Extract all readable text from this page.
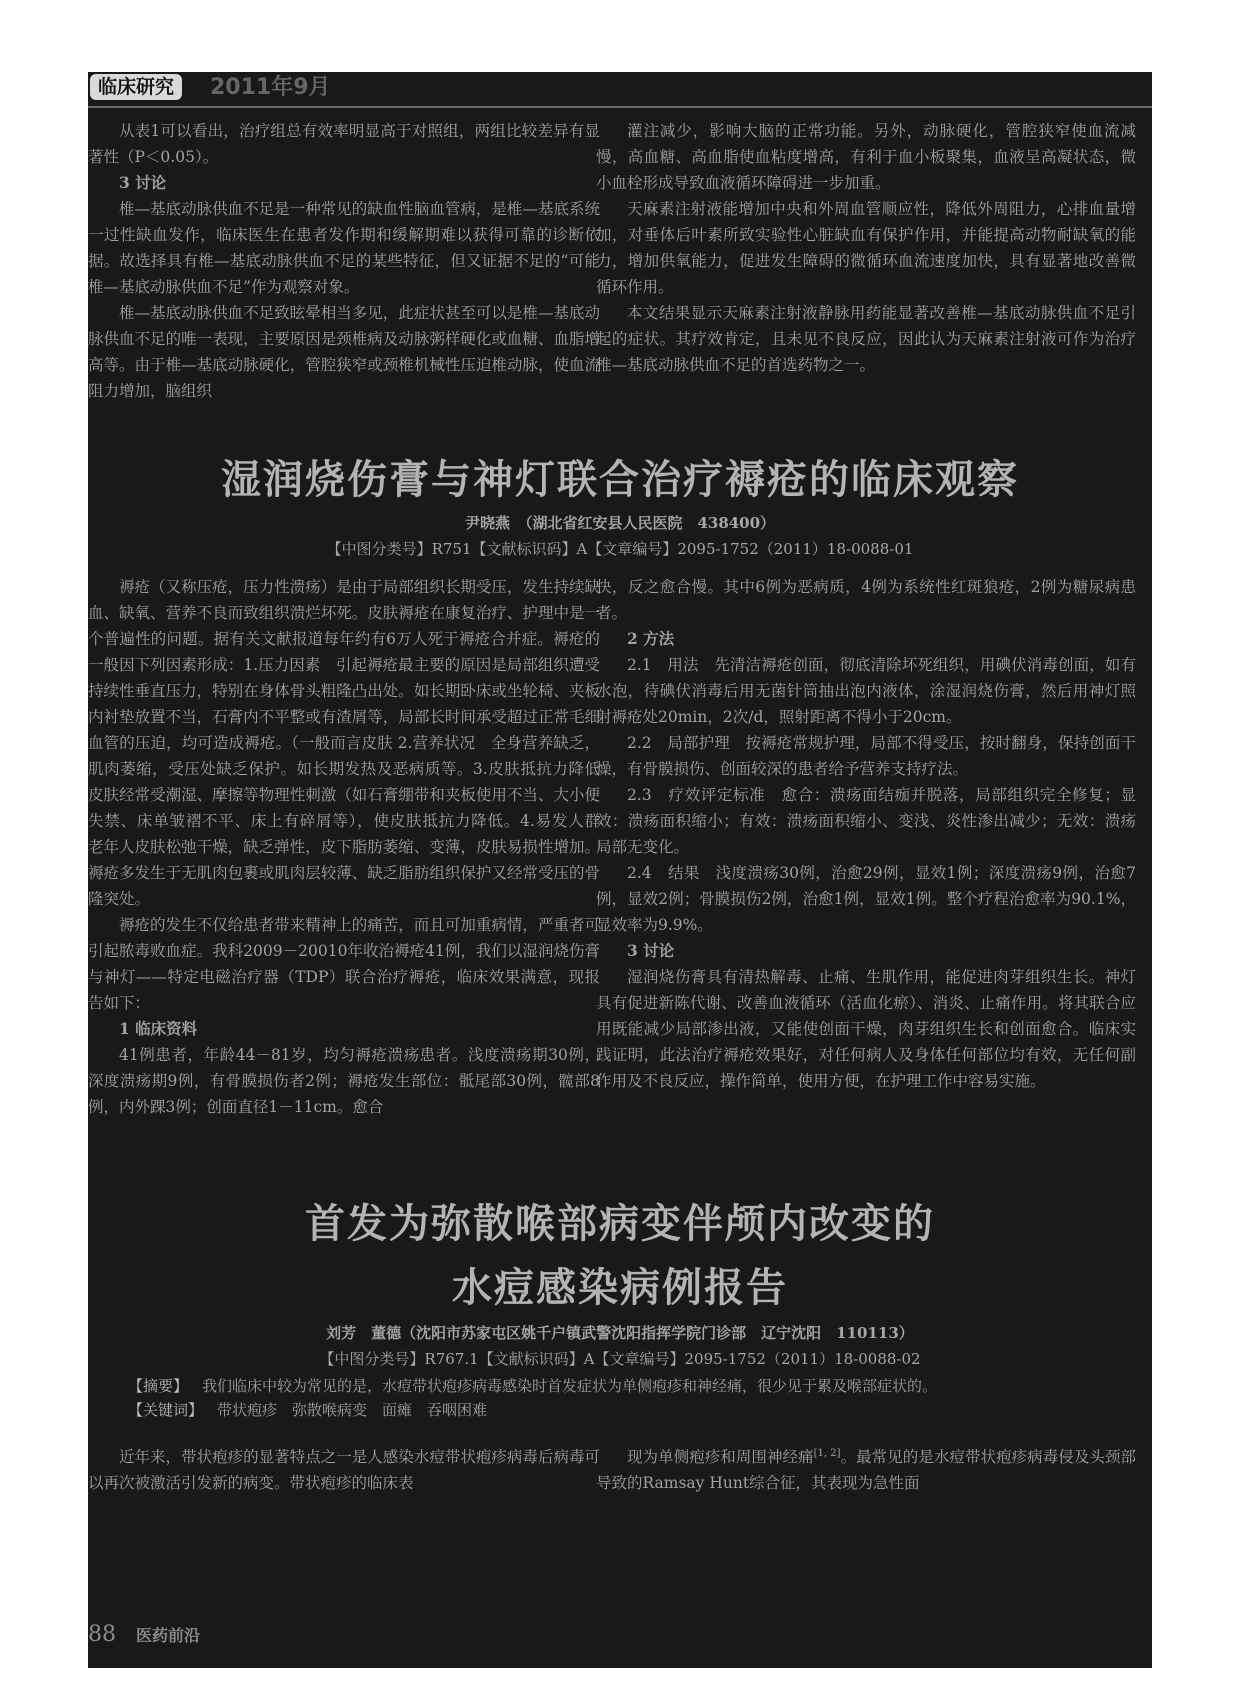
临床研究	2011年9月

从表1可以看出，治疗组总有效率明显高于对照组，两组比较差异有显著性（P＜0.05）。

3 讨论

椎—基底动脉供血不足是一种常见的缺血性脑血管病，是椎—基底系统一过性缺血发作，临床医生在患者发作期和缓解期难以获得可靠的诊断依据。故选择具有椎—基底动脉供血不足的某些特征，但又证据不足的“可能椎—基底动脉供血不足”作为观察对象。

椎—基底动脉供血不足致眩晕相当多见，此症状甚至可以是椎—基底动脉供血不足的唯一表现，主要原因是颈椎病及动脉粥样硬化或血糖、血脂增高等。由于椎—基底动脉硬化，管腔狭窄或颈椎机械性压迫椎动脉，使血流阻力增加，脑组织

灌注减少，影响大脑的正常功能。另外，动脉硬化，管腔狭窄使血流减慢，高血糖、高血脂使血粘度增高，有利于血小板聚集，血液呈高凝状态，微小血栓形成导致血液循环障碍进一步加重。

天麻素注射液能增加中央和外周血管顺应性，降低外周阻力，心排血量增加，对垂体后叶素所致实验性心脏缺血有保护作用，并能提高动物耐缺氧的能力，增加供氧能力，促进发生障碍的微循环血流速度加快，具有显著地改善微循环作用。

本文结果显示天麻素注射液静脉用药能显著改善椎—基底动脉供血不足引起的症状。其疗效肯定，且未见不良反应，因此认为天麻素注射液可作为治疗椎—基底动脉供血不足的首选药物之一。

湿润烧伤膏与神灯联合治疗褥疮的临床观察
尹晓燕　（湖北省红安县人民医院　438400）
【中图分类号】R751【文献标识码】A【文章编号】2095-1752（2011）18-0088-01

褥疮（又称压疮，压力性溃疡）是由于局部组织长期受压，发生持续缺血、缺氧、营养不良而致组织溃烂坏死。皮肤褥疮在康复治疗、护理中是一个普遍性的问题。据有关文献报道每年约有6万人死于褥疮合并症。褥疮的一般因下列因素形成：1.压力因素　引起褥疮最主要的原因是局部组织遭受持续性垂直压力，特别在身体骨头粗隆凸出处。如长期卧床或坐轮椅、夹板内衬垫放置不当，石膏内不平整或有渣屑等，局部长时间承受超过正常毛细血管的压迫，均可造成褥疮。（一般而言皮肤 2.营养状况　全身营养缺乏，肌肉萎缩，受压处缺乏保护。如长期发热及恶病质等。3.皮肤抵抗力降低　皮肤经常受潮湿、摩擦等物理性刺激（如石膏绷带和夹板使用不当、大小便失禁、床单皱褶不平、床上有碎屑等），使皮肤抵抗力降低。4.易发人群　老年人皮肤松弛干燥，缺乏弹性，皮下脂肪萎缩、变薄，皮肤易损性增加。褥疮多发生于无肌肉包裹或肌肉层较薄、缺乏脂肪组织保护又经常受压的骨隆突处。

褥疮的发生不仅给患者带来精神上的痛苦，而且可加重病情，严重者可引起脓毒败血症。我科2009－20010年收治褥疮41例，我们以湿润烧伤膏与神灯——特定电磁治疗器（TDP）联合治疗褥疮，临床效果满意，现报告如下：

1 临床资料

41例患者，年龄44－81岁，均匀褥疮溃疡患者。浅度溃疡期30例，深度溃疡期9例，有骨膜损伤者2例；褥疮发生部位：骶尾部30例，髋部8例，内外踝3例；创面直径1－11cm。愈合

快，反之愈合慢。其中6例为恶病质，4例为系统性红斑狼疮，2例为糖尿病患者。

2 方法

2.1　用法　先清洁褥疮创面，彻底清除坏死组织，用碘伏消毒创面，如有水泡，待碘伏消毒后用无菌针筒抽出泡内液体，涂湿润烧伤膏，然后用神灯照射褥疮处20min，2次/d，照射距离不得小于20cm。

2.2　局部护理　按褥疮常规护理，局部不得受压，按时翻身，保持创面干燥，有骨膜损伤、创面较深的患者给予营养支持疗法。

2.3　疗效评定标准　愈合：溃疡面结痂并脱落，局部组织完全修复；显效：溃疡面积缩小；有效：溃疡面积缩小、变浅、炎性渗出减少；无效：溃疡局部无变化。

2.4　结果　浅度溃疡30例，治愈29例，显效1例；深度溃疡9例，治愈7例，显效2例；骨膜损伤2例，治愈1例，显效1例。整个疗程治愈率为90.1%，显效率为9.9%。

3 讨论

湿润烧伤膏具有清热解毒、止痛、生肌作用，能促进肉芽组织生长。神灯具有促进新陈代谢、改善血液循环（活血化瘀）、消炎、止痛作用。将其联合应用既能减少局部渗出液，又能使创面干燥，肉芽组织生长和创面愈合。临床实践证明，此法治疗褥疮效果好，对任何病人及身体任何部位均有效，无任何副作用及不良反应，操作简单，使用方便，在护理工作中容易实施。

首发为弥散喉部病变伴颅内改变的
水痘感染病例报告
刘芳　董德（沈阳市苏家屯区姚千户镇武警沈阳指挥学院门诊部　辽宁沈阳　110113）
【中图分类号】R767.1【文献标识码】A【文章编号】2095-1752（2011）18-0088-02
【摘要】 我们临床中较为常见的是，水痘带状疱疹病毒感染时首发症状为单侧疱疹和神经痛，很少见于累及喉部症状的。
【关键词】 带状疱疹　弥散喉病变　面瘫　吞咽困难

近年来，带状疱疹的显著特点之一是人感染水痘带状疱疹病毒后病毒可以再次被激活引发新的病变。带状疱疹的临床表

现为单侧疱疹和周围神经痛[1, 2]。最常见的是水痘带状疱疹病毒侵及头颈部导致的Ramsay Hunt综合征，其表现为急性面

88 医药前沿
